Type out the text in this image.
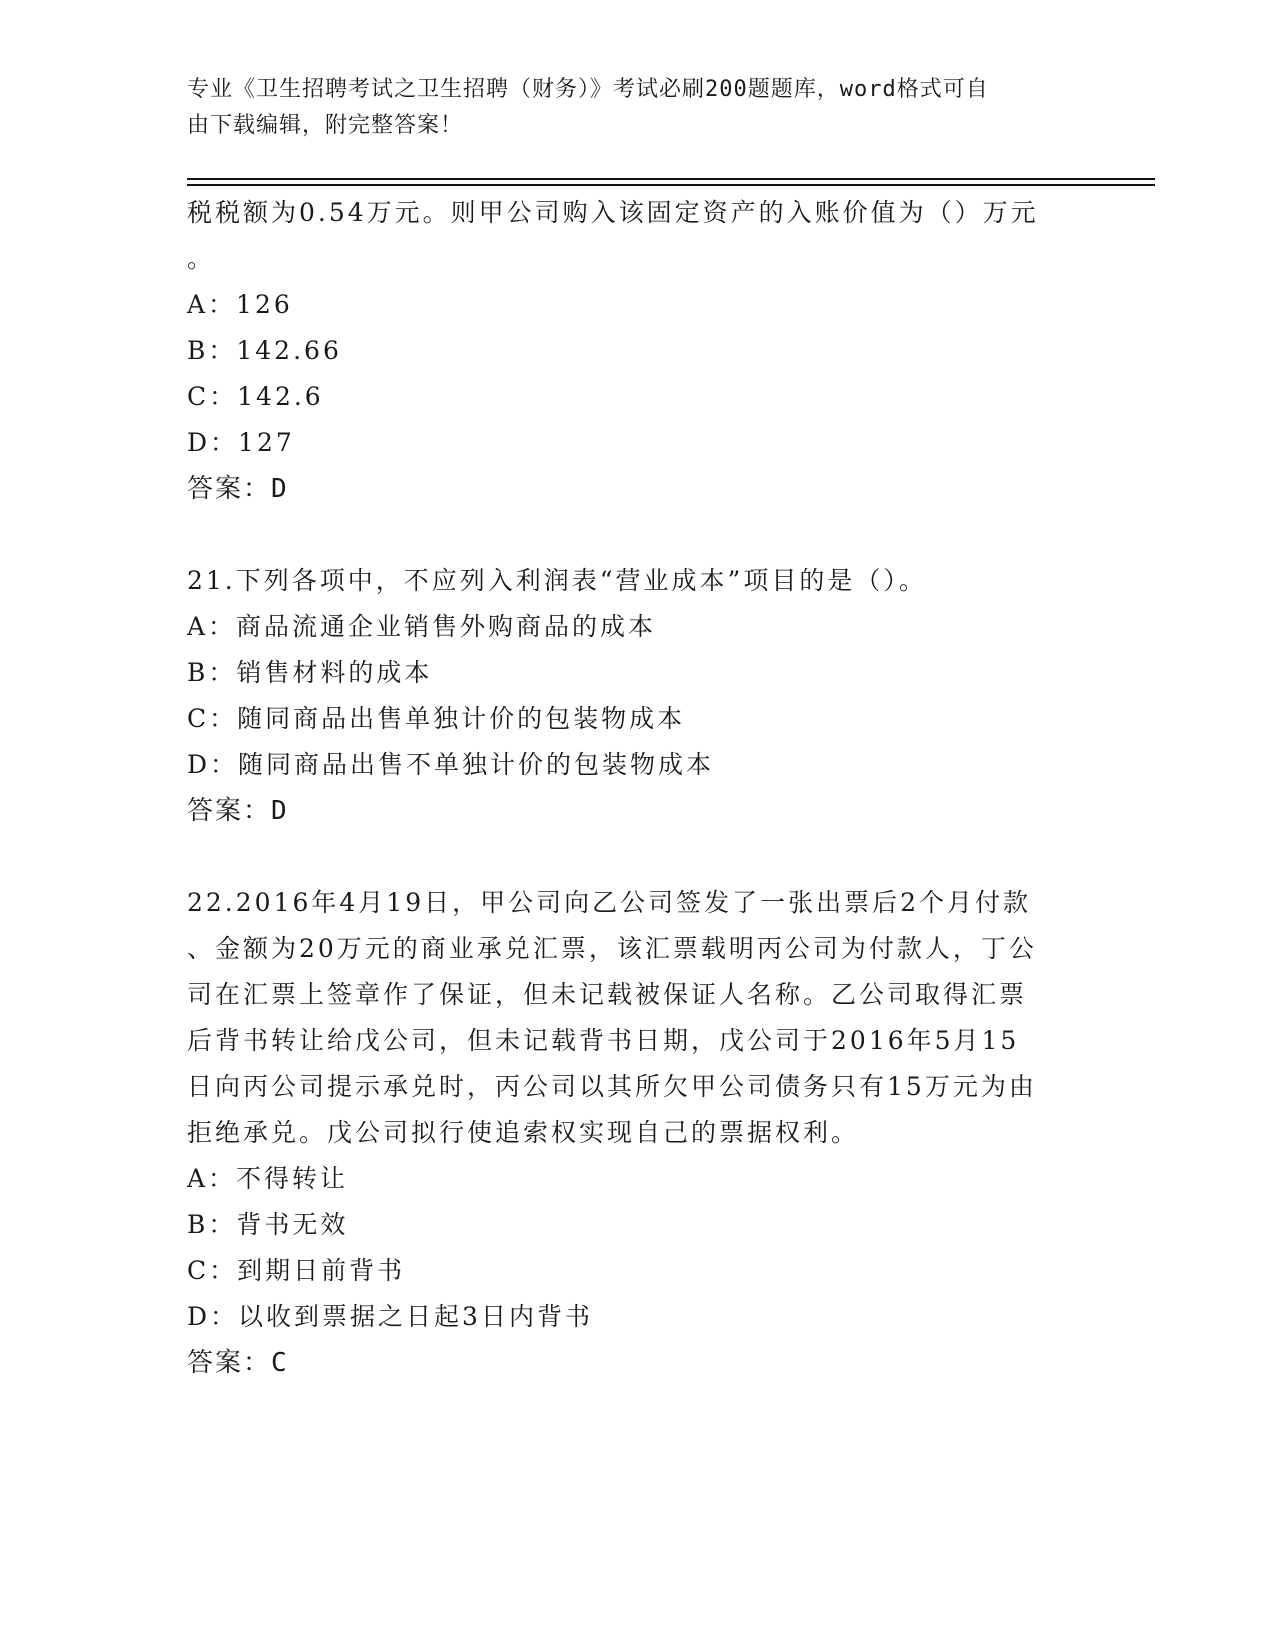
专业《卫生招聘考试之卫生招聘（财务）》考试必刷200题题库，word格式可自
由下载编辑，附完整答案！
税税额为0.54万元。则甲公司购入该固定资产的入账价值为（）万元
。
A：126
B：142.66
C：142.6
D：127
答案：D
21.下列各项中，不应列入利润表“营业成本”项目的是（）。
A：商品流通企业销售外购商品的成本
B：销售材料的成本
C：随同商品出售单独计价的包装物成本
D：随同商品出售不单独计价的包装物成本
答案：D
22.2016年4月19日，甲公司向乙公司签发了一张出票后2个月付款
、金额为20万元的商业承兑汇票，该汇票载明丙公司为付款人，丁公
司在汇票上签章作了保证，但未记载被保证人名称。乙公司取得汇票
后背书转让给戊公司，但未记载背书日期，戊公司于2016年5月15
日向丙公司提示承兑时，丙公司以其所欠甲公司债务只有15万元为由
拒绝承兑。戊公司拟行使追索权实现自己的票据权利。
A：不得转让
B：背书无效
C：到期日前背书
D：以收到票据之日起3日内背书
答案：C
